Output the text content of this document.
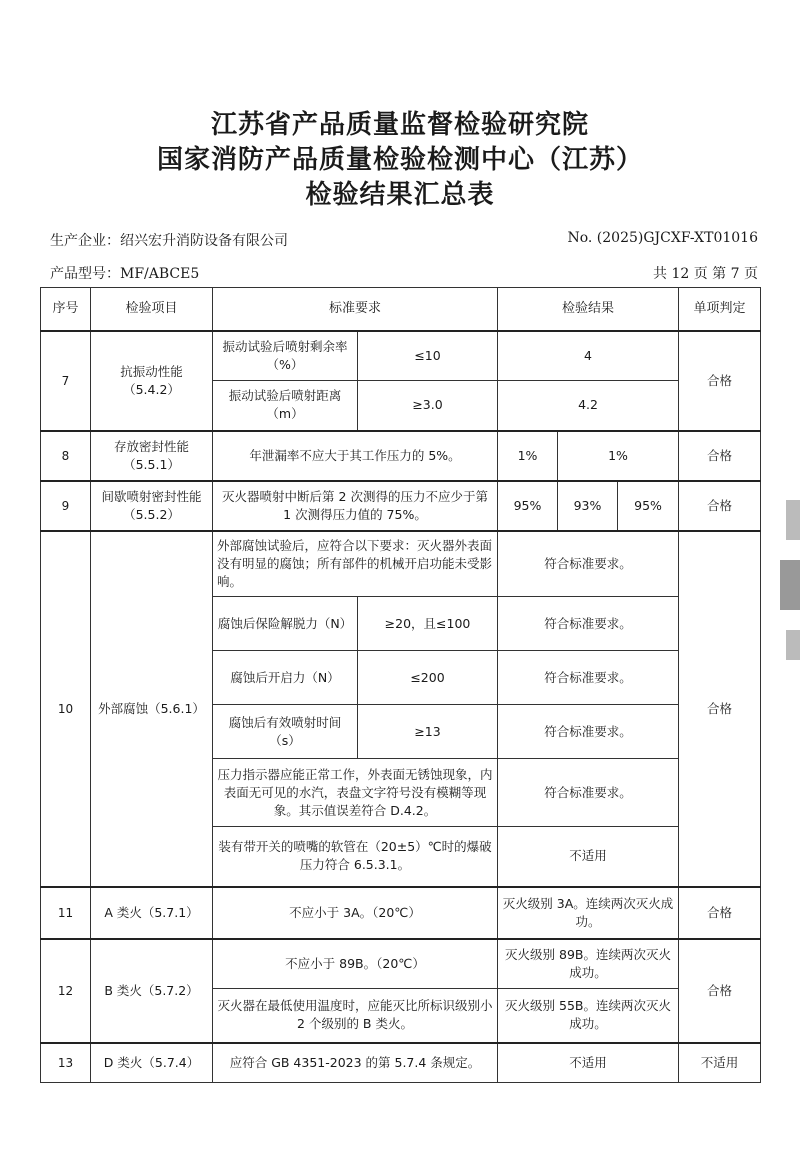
江苏省产品质量监督检验研究院
国家消防产品质量检验检测中心（江苏）
检验结果汇总表
生产企业：绍兴宏升消防设备有限公司	No. (2025)GJCXF-XT01016
产品型号：MF/ABCE5	共 12 页 第 7 页
序号	检验项目	标准要求		检验结果			单项判定
7	抗振动性能（5.4.2）	振动试验后喷射剩余率（%）	≤10	4			合格
		振动试验后喷射距离（m）	≥3.0	4.2			
8	存放密封性能（5.5.1）	年泄漏率不应大于其工作压力的 5%。		1%	1%		合格
9	间歇喷射密封性能（5.5.2）	灭火器喷射中断后第 2 次测得的压力不应少于第 1 次测得压力值的 75%。		95%	93%	95%	合格
10	外部腐蚀（5.6.1）	外部腐蚀试验后，应符合以下要求：灭火器外表面没有明显的腐蚀；所有部件的机械开启功能未受影响。		符合标准要求。			合格
		腐蚀后保险解脱力（N）	≥20，且≤100	符合标准要求。			
		腐蚀后开启力（N）	≤200	符合标准要求。			
		腐蚀后有效喷射时间（s）	≥13	符合标准要求。			
		压力指示器应能正常工作，外表面无锈蚀现象，内表面无可见的水汽，表盘文字符号没有模糊等现象。其示值误差符合 D.4.2。		符合标准要求。			
		装有带开关的喷嘴的软管在（20±5）℃时的爆破压力符合 6.5.3.1。		不适用			
11	A 类火（5.7.1）	不应小于 3A。（20℃）		灭火级别 3A。连续两次灭火成功。			合格
12	B 类火（5.7.2）	不应小于 89B。（20℃）		灭火级别 89B。连续两次灭火成功。			合格
		灭火器在最低使用温度时，应能灭比所标识级别小 2 个级别的 B 类火。		灭火级别 55B。连续两次灭火成功。			
13	D 类火（5.7.4）	应符合 GB 4351-2023 的第 5.7.4 条规定。		不适用			不适用
